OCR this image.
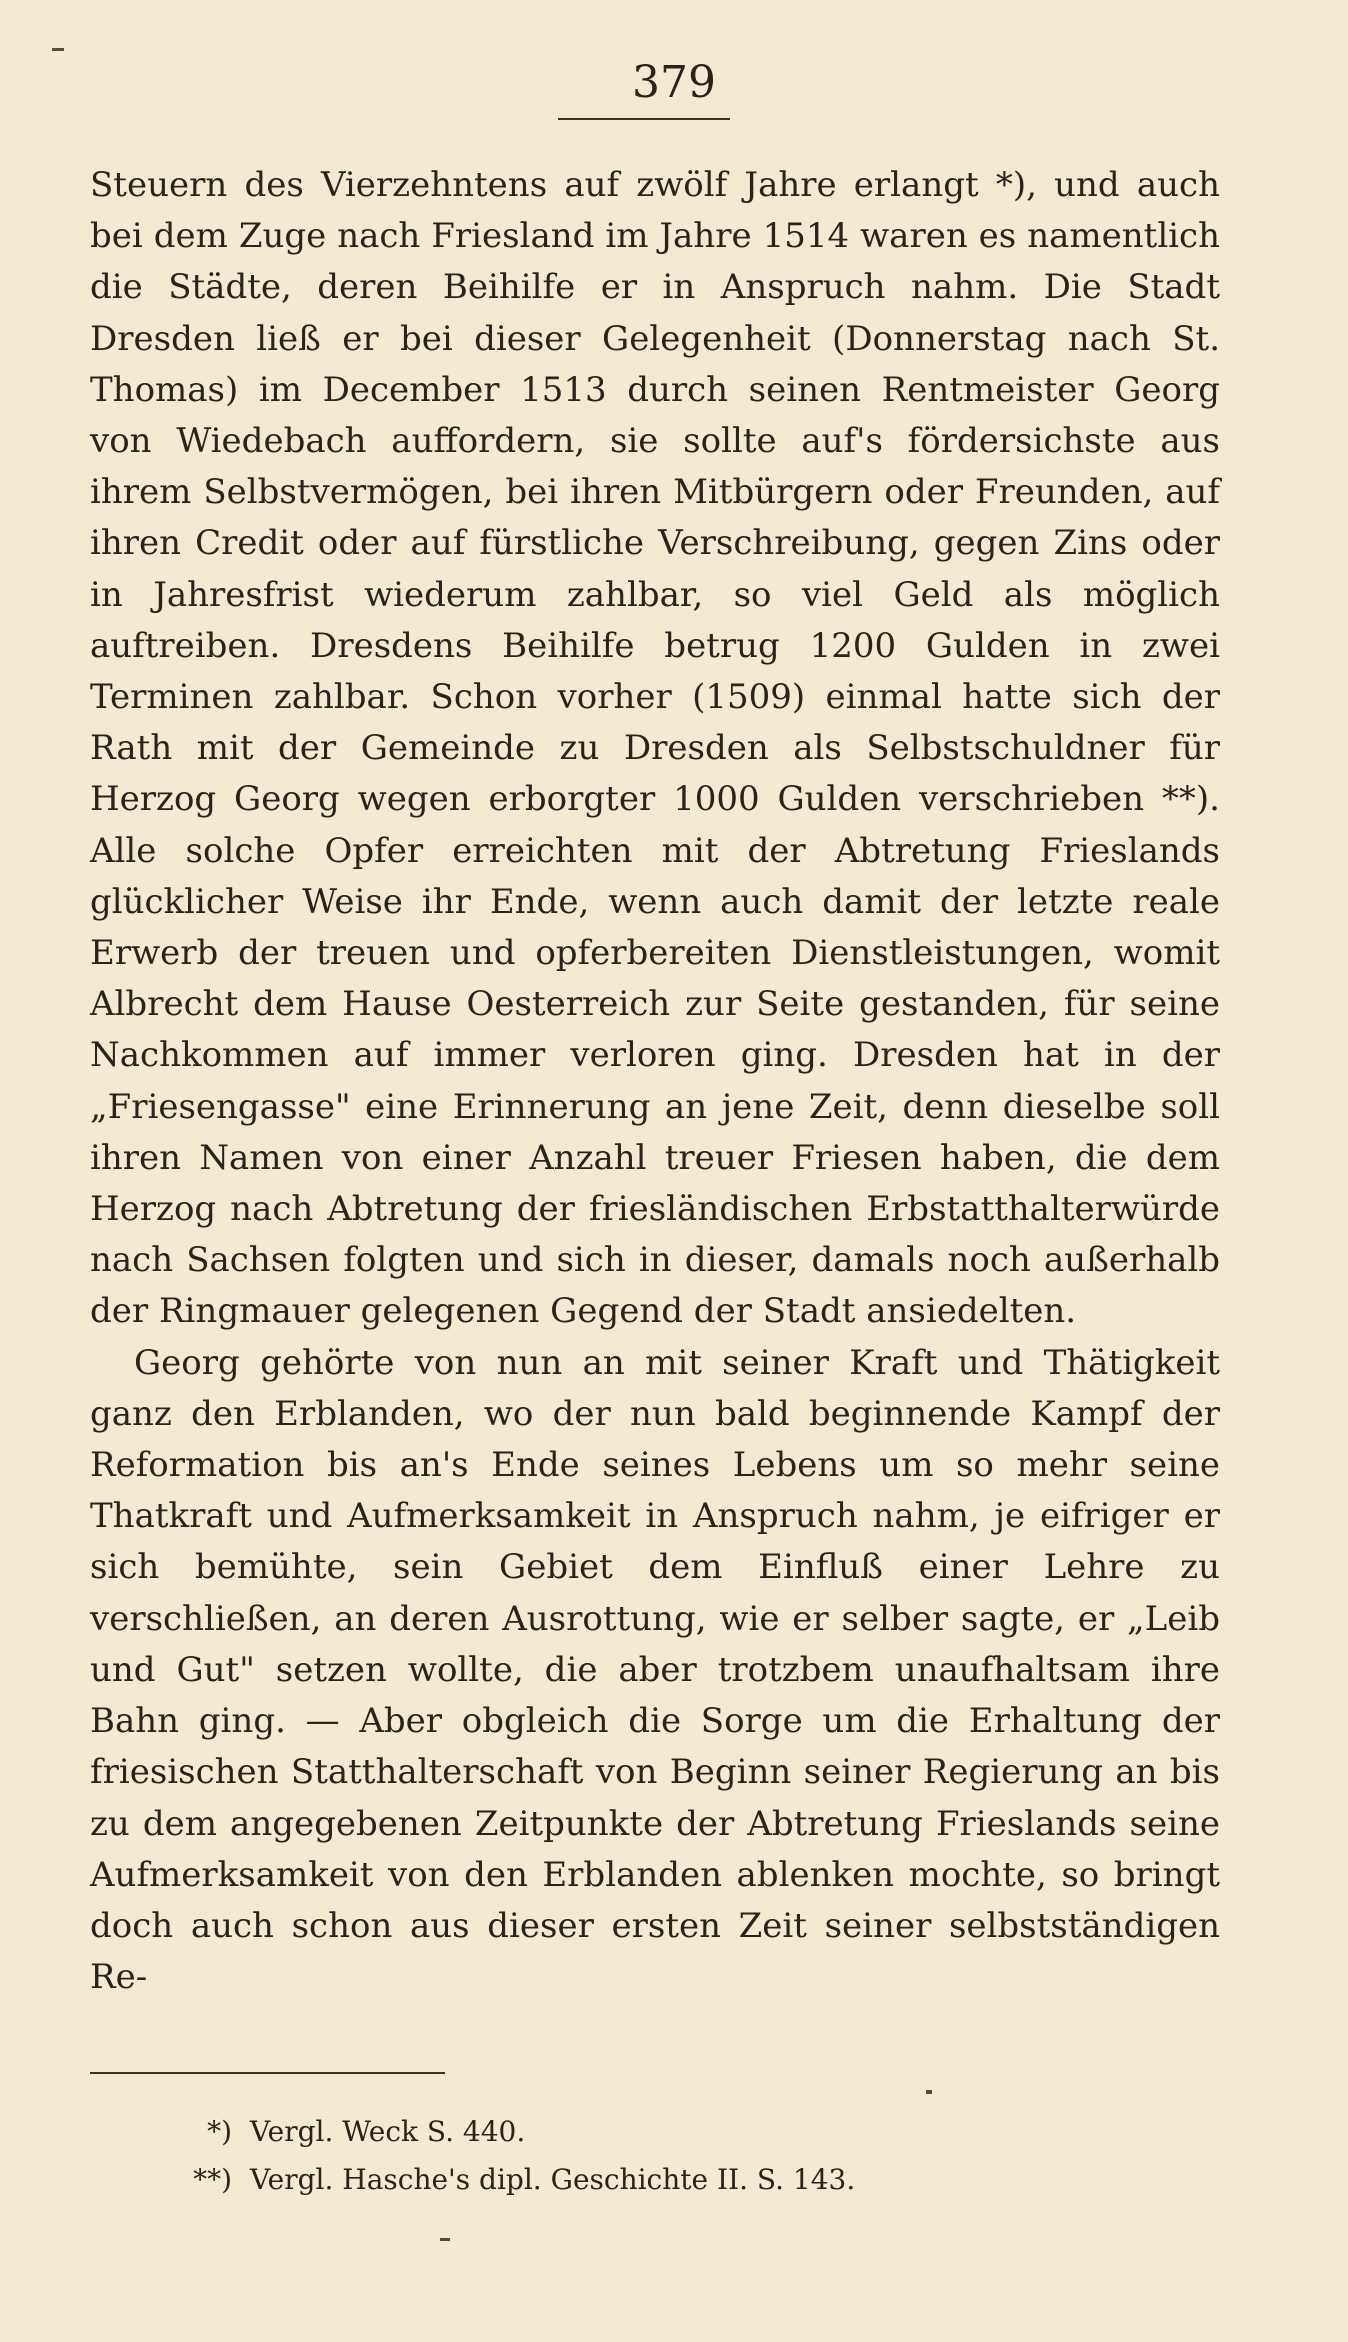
379

Steuern des Vierzehntens auf zwölf Jahre erlangt *), und auch bei dem Zuge nach Friesland im Jahre 1514 waren es namentlich die Städte, deren Beihilfe er in Anspruch nahm. Die Stadt Dresden ließ er bei dieser Gelegenheit (Donnerstag nach St. Thomas) im December 1513 durch seinen Rentmeister Georg von Wiedebach auffordern, sie sollte auf's fördersichste aus ihrem Selbstvermögen, bei ihren Mitbürgern oder Freunden, auf ihren Credit oder auf fürstliche Verschreibung, gegen Zins oder in Jahresfrist wiederum zahlbar, so viel Geld als möglich auftreiben. Dresdens Beihilfe betrug 1200 Gulden in zwei Terminen zahlbar. Schon vorher (1509) einmal hatte sich der Rath mit der Gemeinde zu Dresden als Selbstschuldner für Herzog Georg wegen erborgter 1000 Gulden verschrieben **). Alle solche Opfer erreichten mit der Abtretung Frieslands glücklicher Weise ihr Ende, wenn auch damit der letzte reale Erwerb der treuen und opferbereiten Dienstleistungen, womit Albrecht dem Hause Oesterreich zur Seite gestanden, für seine Nachkommen auf immer verloren ging. Dresden hat in der „Friesengasse" eine Erinnerung an jene Zeit, denn dieselbe soll ihren Namen von einer Anzahl treuer Friesen haben, die dem Herzog nach Abtretung der friesländischen Erbstatthalterwürde nach Sachsen folgten und sich in dieser, damals noch außerhalb der Ringmauer gelegenen Gegend der Stadt ansiedelten.

Georg gehörte von nun an mit seiner Kraft und Thätigkeit ganz den Erblanden, wo der nun bald beginnende Kampf der Reformation bis an's Ende seines Lebens um so mehr seine Thatkraft und Aufmerksamkeit in Anspruch nahm, je eifriger er sich bemühte, sein Gebiet dem Einfluß einer Lehre zu verschließen, an deren Ausrottung, wie er selber sagte, er „Leib und Gut" setzen wollte, die aber trotzbem unaufhaltsam ihre Bahn ging. — Aber obgleich die Sorge um die Erhaltung der friesischen Statthalterschaft von Beginn seiner Regierung an bis zu dem angegebenen Zeitpunkte der Abtretung Frieslands seine Aufmerksamkeit von den Erblanden ablenken mochte, so bringt doch auch schon aus dieser ersten Zeit seiner selbstständigen Re-

*) Vergl. Weck S. 440.

**) Vergl. Hasche's dipl. Geschichte II. S. 143.
